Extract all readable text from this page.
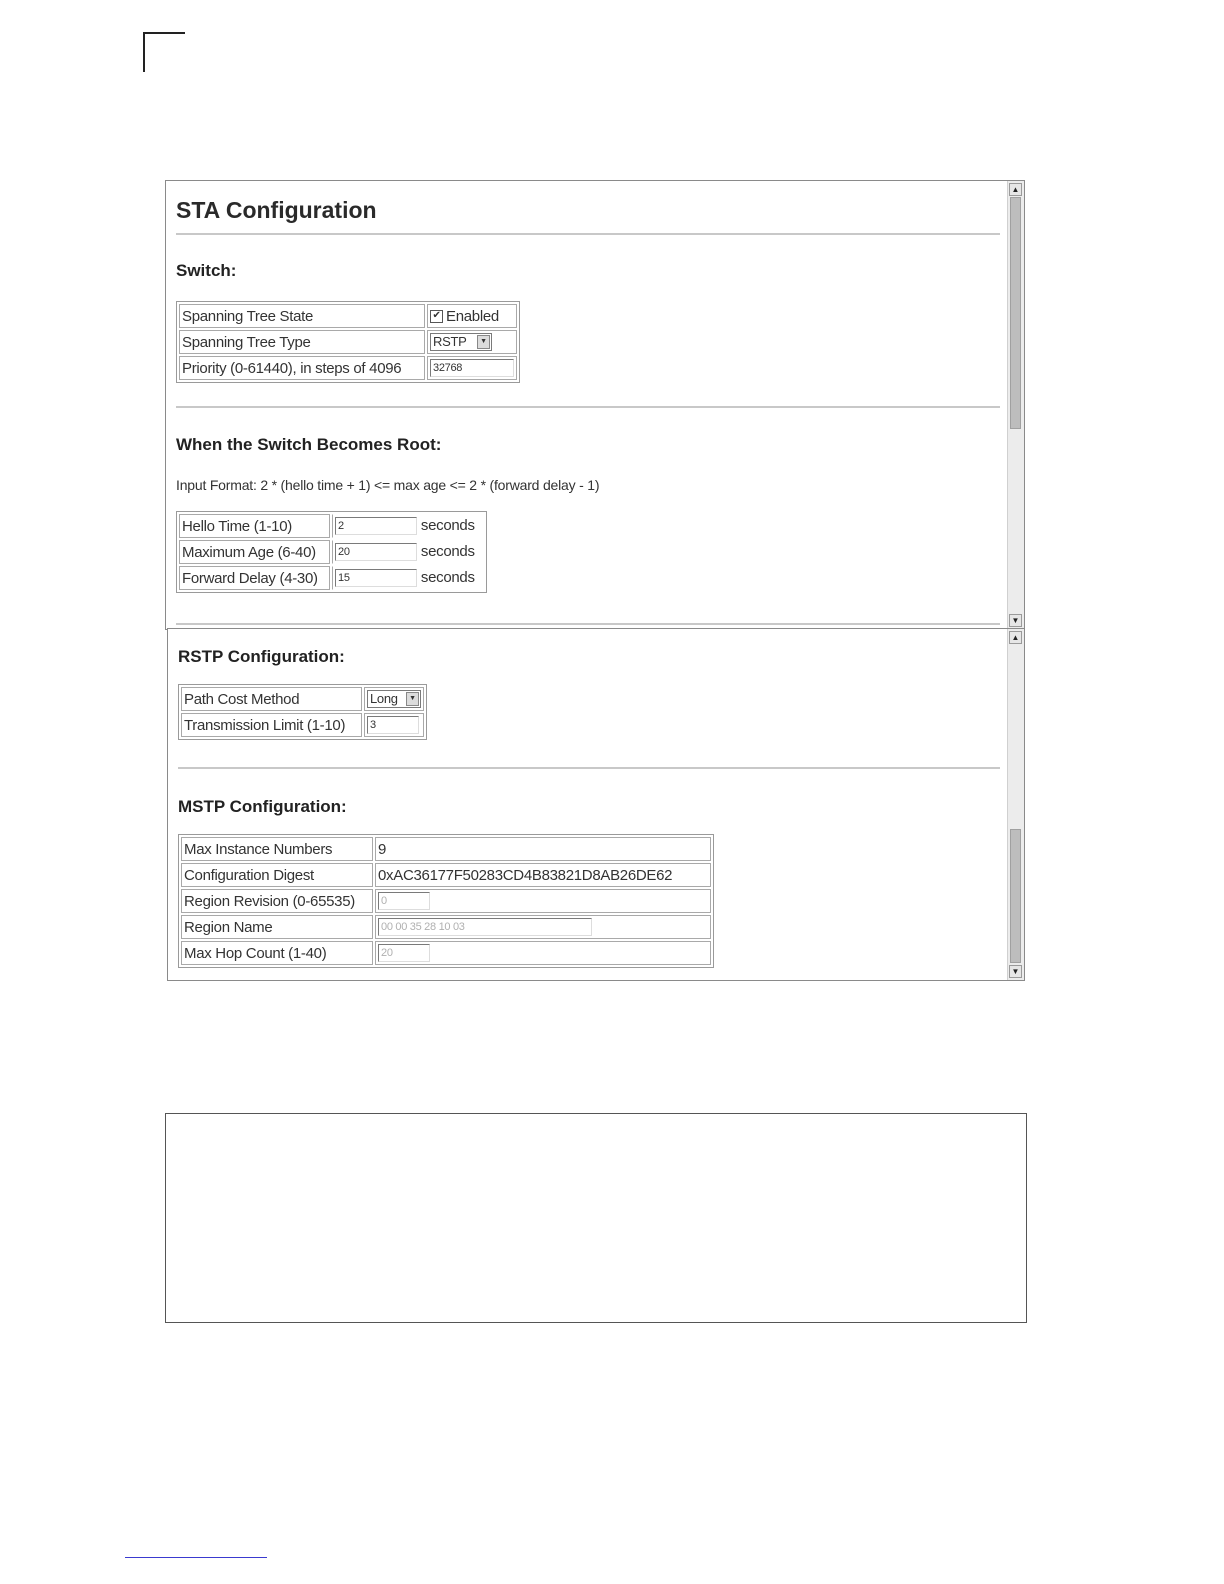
STA Configuration
Switch:
Spanning Tree State	✔ Enabled
Spanning Tree Type	RSTP ▼

Priority (0-61440), in steps of 4096	32768
When the Switch Becomes Root:
Input Format: 2 * (hello time + 1) <= max age <= 2 * (forward delay - 1)
Hello Time (1-10)	2 seconds
Maximum Age (6-40)	20 seconds
Forward Delay (4-30)	15 seconds
▲
▼
RSTP Configuration:
Path Cost Method	Long ▼

Transmission Limit (1-10)	3
MSTP Configuration:
Max Instance Numbers	9
Configuration Digest	0xAC36177F50283CD4B83821D8AB26DE62
Region Revision (0-65535)	0
Region Name	00 00 35 28 10 03
Max Hop Count (1-40)	20
▲
▼
